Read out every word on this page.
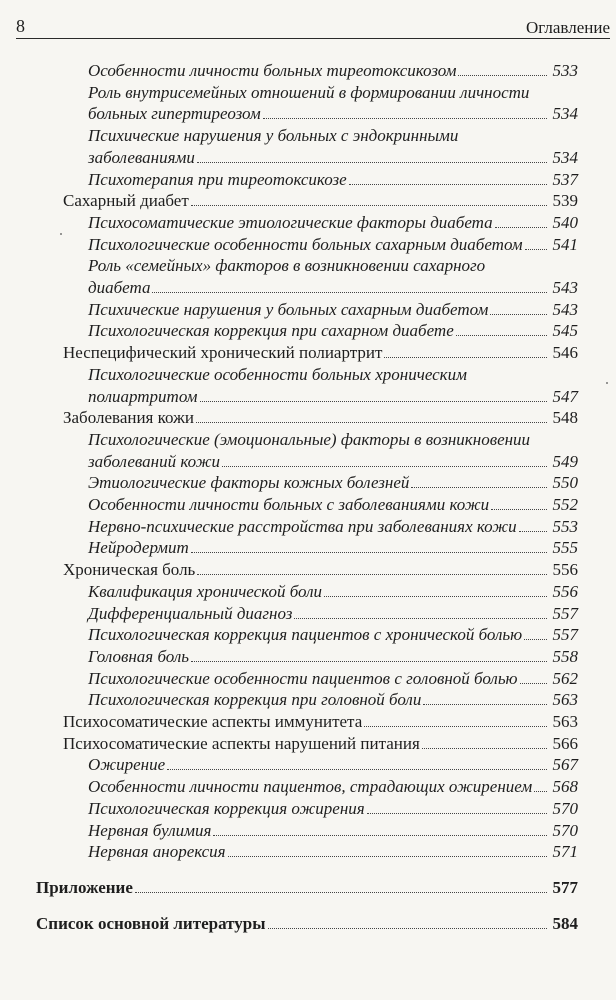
8	Оглавление
Особенности личности больных тиреотоксикозом	533
Роль внутрисемейных отношений в формировании личности
больных гипертиреозом	534
Психические нарушения у больных с эндокринными
заболеваниями	534
Психотерапия при тиреотоксикозе	537
Сахарный диабет	539
Психосоматические этиологические факторы диабета	540
Психологические особенности больных сахарным диабетом 541
Роль «семейных» факторов в возникновении сахарного
диабета	543
Психические нарушения у больных сахарным диабетом	543
Психологическая коррекция при сахарном диабете	545
Неспецифический хронический полиартрит	546
Психологические особенности больных хроническим
полиартритом	547
Заболевания кожи	548
Психологические (эмоциональные) факторы в возникновении
заболеваний кожи	549
Этиологические факторы кожных болезней	550
Особенности личности больных с заболеваниями кожи	552
Нервно-психические расстройства при заболеваниях кожи 553
Нейродермит	555
Хроническая боль	556
Квалификация хронической боли	556
Дифференциальный диагноз	557
Психологическая коррекция пациентов с хронической болью 557
Головная боль	558
Психологические особенности пациентов с головной болью 562
Психологическая коррекция при головной боли	563
Психосоматические аспекты иммунитета	563
Психосоматические аспекты нарушений питания	566
Ожирение	567
Особенности личности пациентов, страдающих ожирением 568
Психологическая коррекция ожирения	570
Нервная булимия	570
Нервная анорексия	571
Приложение	577
Список основной литературы	584
